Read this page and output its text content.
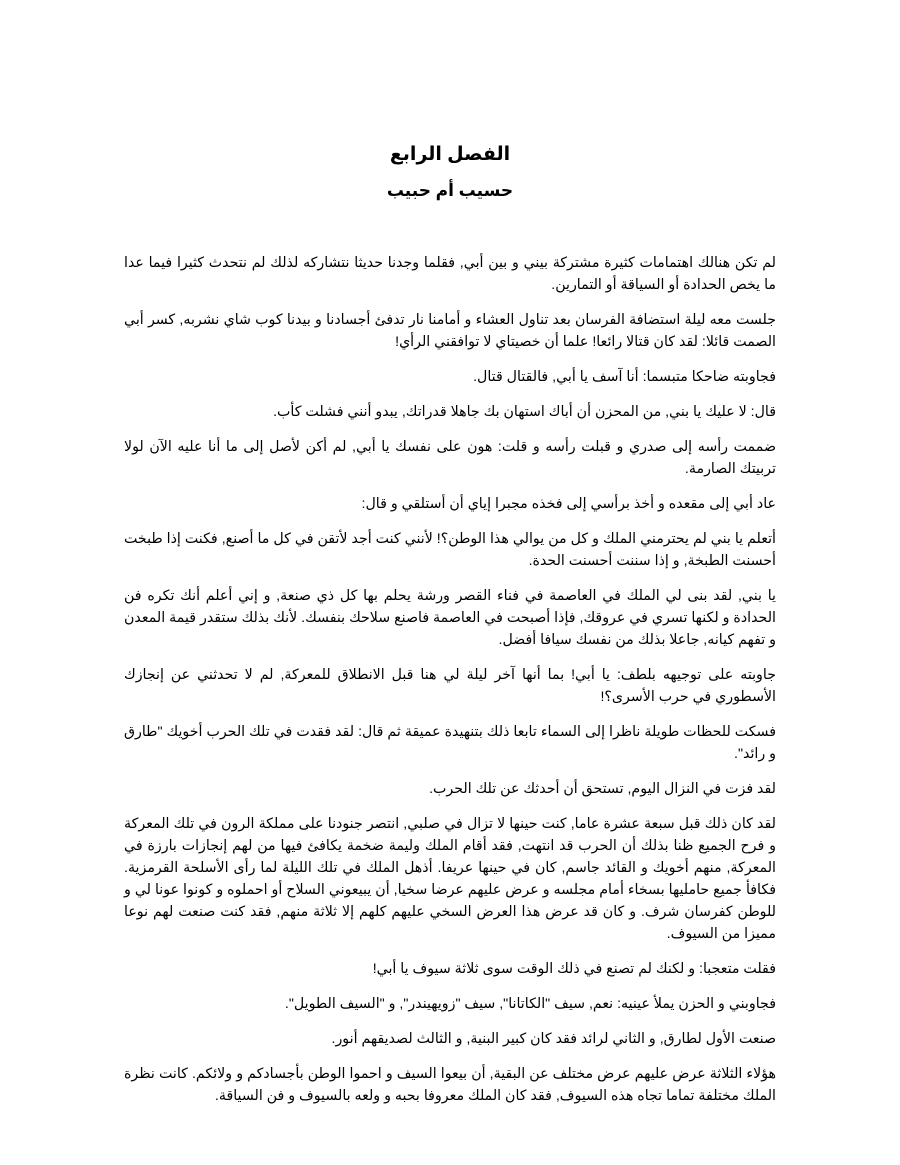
الفصل الرابع
حسيب أم حبيب

لم تكن هنالك اهتمامات كثيرة مشتركة بيني و بين أبي, فقلما وجدنا حديثا نتشاركه لذلك لم نتحدث كثيرا فيما عدا ما يخص الحدادة أو السياقة أو التمارين.

جلست معه ليلة استضافة الفرسان بعد تناول العشاء و أمامنا نار تدفئ أجسادنا و بيدنا كوب شاي نشربه, كسر أبي الصمت قائلا: لقد كان قتالا رائعا! علما أن خصيتاي لا توافقني الرأي!

فجاوبته ضاحكا متبسما: أنا آسف يا أبي, فالقتال قتال.

قال: لا عليك يا بني, من المحزن أن أباك استهان بك جاهلا قدراتك, يبدو أنني فشلت كأب.

ضممت رأسه إلى صدري و قبلت رأسه و قلت: هون على نفسك يا أبي, لم أكن لأصل إلى ما أنا عليه الآن لولا تربيتك الصارمة.

عاد أبي إلى مقعده و أخذ برأسي إلى فخذه مجبرا إياي أن أستلقي و قال:

أتعلم يا بني لم يحترمني الملك و كل من يوالي هذا الوطن؟! لأنني كنت أجد لأتقن في كل ما أصنع, فكنت إذا طبخت أحسنت الطبخة, و إذا سننت أحسنت الحدة.

يا بني, لقد بنى لي الملك في العاصمة في فناء القصر ورشة يحلم بها كل ذي صنعة, و إني أعلم أنك تكره فن الحدادة و لكنها تسري في عروقك, فإذا أصبحت في العاصمة فاصنع سلاحك بنفسك. لأنك بذلك ستقدر قيمة المعدن و تفهم كيانه, جاعلا بذلك من نفسك سيافا أفضل.

جاوبته على توجيهه بلطف: يا أبي! بما أنها آخر ليلة لي هنا قبل الانطلاق للمعركة, لم لا تحدثني عن إنجازك الأسطوري في حرب الأسرى؟!

فسكت للحظات طويلة ناظرا إلى السماء تابعا ذلك بتنهيدة عميقة ثم قال: لقد فقدت في تلك الحرب أخويك "طارق و رائد".

لقد فزت في النزال اليوم, تستحق أن أحدثك عن تلك الحرب.

لقد كان ذلك قبل سبعة عشرة عاما, كنت حينها لا تزال في صلبي, انتصر جنودنا على مملكة الرون في تلك المعركة و فرح الجميع ظنا بذلك أن الحرب قد انتهت, فقد أقام الملك وليمة ضخمة يكافئ فيها من لهم إنجازات بارزة في المعركة, منهم أخويك و القائد جاسم, كان في حينها عريفا. أذهل الملك في تلك الليلة لما رأى الأسلحة القرمزية. فكافأ جميع حامليها بسخاء أمام مجلسه و عرض عليهم عرضا سخيا, أن يبيعوني السلاح أو احملوه و كونوا عونا لي و للوطن كفرسان شرف. و كان قد عرض هذا العرض السخي عليهم كلهم إلا ثلاثة منهم, فقد كنت صنعت لهم نوعا مميزا من السيوف.

فقلت متعجبا: و لكنك لم تصنع في ذلك الوقت سوى ثلاثة سيوف يا أبي!

فجاوبني و الحزن يملأ عينيه: نعم, سيف "الكاتانا", سيف "زويهيندر", و "السيف الطويل".

صنعت الأول لطارق, و الثاني لرائد فقد كان كبير البنية, و الثالث لصديقهم أنور.

هؤلاء الثلاثة عرض عليهم عرض مختلف عن البقية, أن بيعوا السيف و احموا الوطن بأجسادكم و ولائكم. كانت نظرة الملك مختلفة تماما تجاه هذه السيوف, فقد كان الملك معروفا بحبه و ولعه بالسيوف و فن السياقة.
